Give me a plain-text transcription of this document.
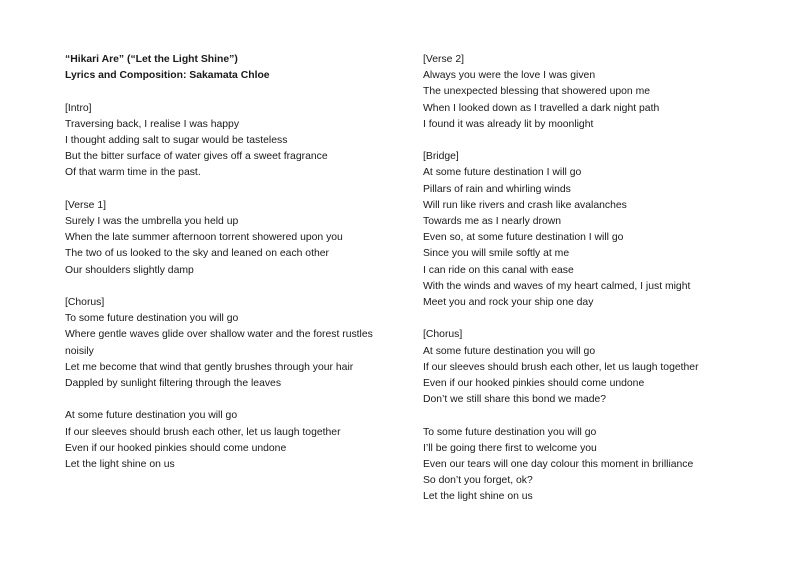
“Hikari Are” (“Let the Light Shine”)
Lyrics and Composition: Sakamata Chloe
[Intro]
Traversing back, I realise I was happy
I thought adding salt to sugar would be tasteless
But the bitter surface of water gives off a sweet fragrance
Of that warm time in the past.
[Verse 1]
Surely I was the umbrella you held up
When the late summer afternoon torrent showered upon you
The two of us looked to the sky and leaned on each other
Our shoulders slightly damp
[Chorus]
To some future destination you will go
Where gentle waves glide over shallow water and the forest rustles
noisily
Let me become that wind that gently brushes through your hair
Dappled by sunlight filtering through the leaves
At some future destination you will go
If our sleeves should brush each other, let us laugh together
Even if our hooked pinkies should come undone
Let the light shine on us
[Verse 2]
Always you were the love I was given
The unexpected blessing that showered upon me
When I looked down as I travelled a dark night path
I found it was already lit by moonlight
[Bridge]
At some future destination I will go
Pillars of rain and whirling winds
Will run like rivers and crash like avalanches
Towards me as I nearly drown
Even so, at some future destination I will go
Since you will smile softly at me
I can ride on this canal with ease
With the winds and waves of my heart calmed, I just might
Meet you and rock your ship one day
[Chorus]
At some future destination you will go
If our sleeves should brush each other, let us laugh together
Even if our hooked pinkies should come undone
Don’t we still share this bond we made?
To some future destination you will go
I’ll be going there first to welcome you
Even our tears will one day colour this moment in brilliance
So don’t you forget, ok?
Let the light shine on us
